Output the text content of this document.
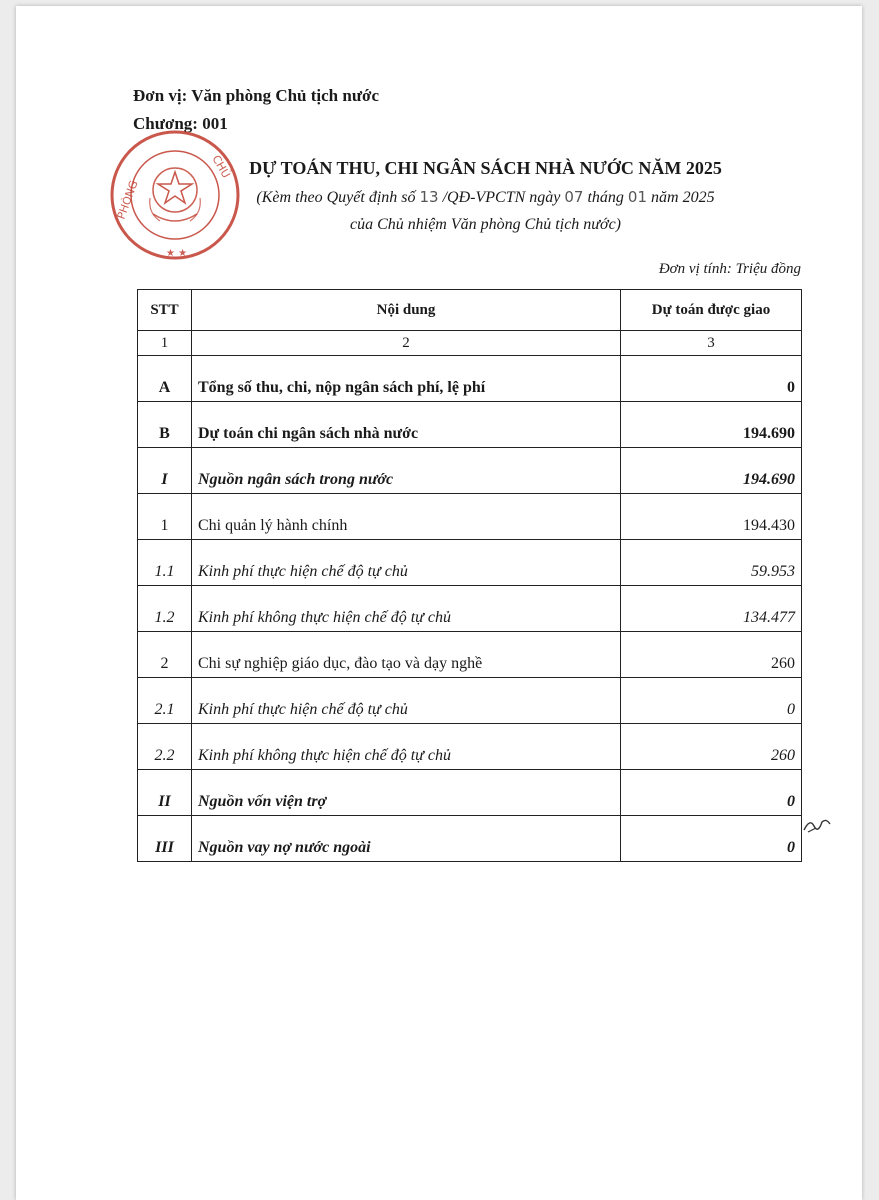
Đơn vị: Văn phòng Chủ tịch nước
Chương: 001
PHÒNG
CHỦ
★ ★
DỰ TOÁN THU, CHI NGÂN SÁCH NHÀ NƯỚC NĂM 2025
(Kèm theo Quyết định số 13 /QĐ-VPCTN ngày 07 tháng 01 năm 2025
của Chủ nhiệm Văn phòng Chủ tịch nước)
Đơn vị tính: Triệu đồng
STT	Nội dung	Dự toán được giao
1	2	3
A	Tổng số thu, chi, nộp ngân sách phí, lệ phí	0
B	Dự toán chi ngân sách nhà nước	194.690
I	Nguồn ngân sách trong nước	194.690
1	Chi quản lý hành chính	194.430
1.1	Kinh phí thực hiện chế độ tự chủ	59.953
1.2	Kinh phí không thực hiện chế độ tự chủ	134.477
2	Chi sự nghiệp giáo dục, đào tạo và dạy nghề	260
2.1	Kinh phí thực hiện chế độ tự chủ	0
2.2	Kinh phí không thực hiện chế độ tự chủ	260
II	Nguồn vốn viện trợ	0
III	Nguồn vay nợ nước ngoài	0
